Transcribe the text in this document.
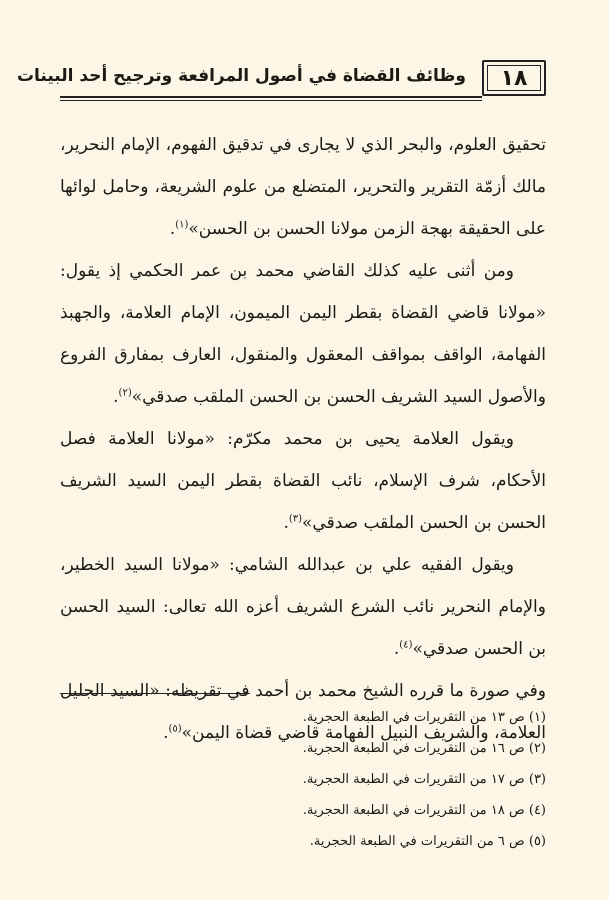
١٨
وظائف القضاة في أصول المرافعة وترجيح أحد البينات

تحقيق العلوم، والبحر الذي لا يجارى في تدقيق الفهوم، الإمام النحرير، مالك أزمّة التقرير والتحرير، المتضلع من علوم الشريعة، وحامل لوائها على الحقيقة بهجة الزمن مولانا الحسن بن الحسن»$^{(١)}$.

ومن أثنى عليه كذلك القاضي محمد بن عمر الحكمي إذ يقول: «مولانا قاضي القضاة بقطر اليمن الميمون، الإمام العلامة، والجهبذ الفهامة، الواقف بمواقف المعقول والمنقول، العارف بمفارق الفروع والأصول السيد الشريف الحسن بن الحسن الملقب صدقي»$^{(٢)}$.

ويقول العلامة يحيى بن محمد مكرّم: «مولانا العلامة فصل الأحكام، شرف الإسلام، نائب القضاة بقطر اليمن السيد الشريف الحسن بن الحسن الملقب صدقي»$^{(٣)}$.

ويقول الفقيه علي بن عبدالله الشامي: «مولانا السيد الخطير، والإمام النحرير نائب الشرع الشريف أعزه الله تعالى: السيد الحسن بن الحسن صدقي»$^{(٤)}$.

وفي صورة ما قرره الشيخ محمد بن أحمد في تقريظه: «السيد الجليل العلامة، والشريف النبيل الفهامة قاضي قضاة اليمن»$^{(٥)}$.

(١) ص ١٣ من التقريرات في الطبعة الحجرية.
(٢) ص ١٦ من التقريرات في الطبعة الحجرية.
(٣) ص ١٧ من التقريرات في الطبعة الحجرية.
(٤) ص ١٨ من التقريرات في الطبعة الحجرية.
(٥) ص ٦ من التقريرات في الطبعة الحجرية.
